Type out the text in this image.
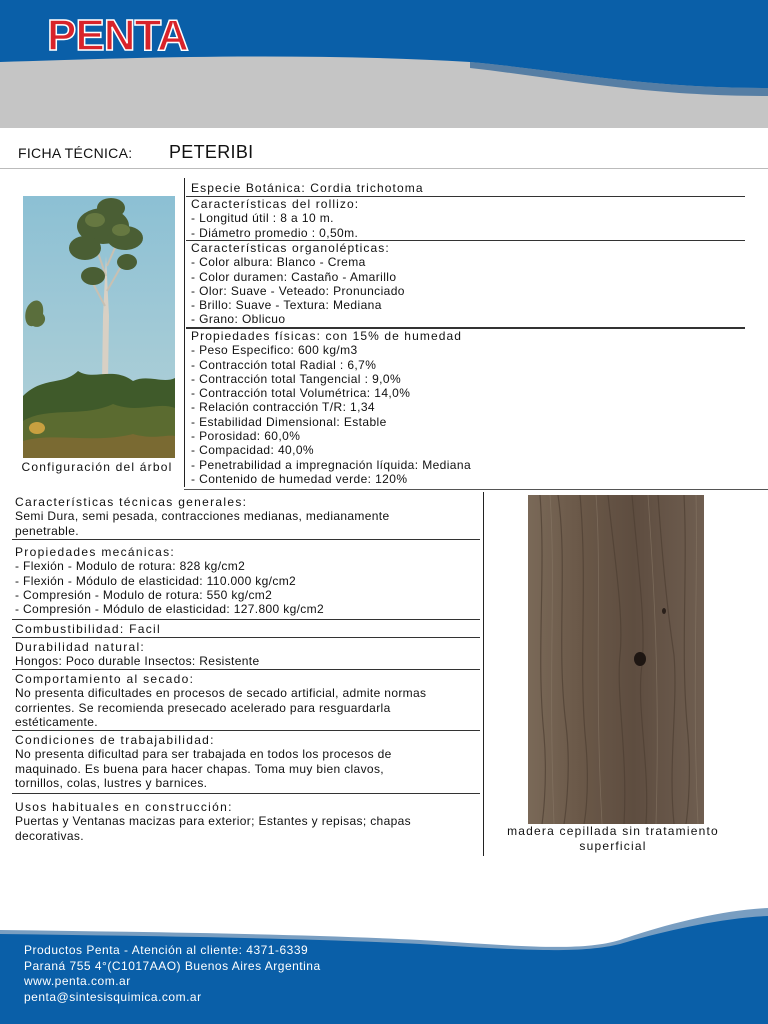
PENTA
FICHA TÉCNICA: PETERIBI
Configuración del árbol
Especie Botánica: Cordia trichotoma
Características del rollizo:
- Longitud útil : 8 a 10 m.
- Diámetro promedio : 0,50m.
Características organolépticas:
- Color albura: Blanco - Crema
- Color duramen: Castaño - Amarillo
- Olor: Suave - Veteado: Pronunciado
- Brillo: Suave - Textura: Mediana
- Grano: Oblicuo
Propiedades físicas: con 15% de humedad
- Peso Especifico: 600 kg/m3
- Contracción total Radial : 6,7%
- Contracción total Tangencial : 9,0%
- Contracción total Volumétrica: 14,0%
- Relación contracción T/R: 1,34
- Estabilidad Dimensional: Estable
- Porosidad: 60,0%
- Compacidad: 40,0%
- Penetrabilidad a impregnación líquida: Mediana
- Contenido de humedad verde: 120%
Características técnicas generales:
Semi Dura, semi pesada, contracciones medianas, medianamente
penetrable.
Propiedades mecánicas:
- Flexión - Modulo de rotura: 828 kg/cm2
- Flexión - Módulo de elasticidad: 110.000 kg/cm2
- Compresión - Modulo de rotura: 550 kg/cm2
- Compresión - Módulo de elasticidad: 127.800 kg/cm2
Combustibilidad: Facil
Durabilidad natural:
Hongos: Poco durable Insectos: Resistente
Comportamiento al secado:
No presenta dificultades en procesos de secado artificial, admite normas
corrientes. Se recomienda presecado acelerado para resguardarla
estéticamente.
Condiciones de trabajabilidad:
No presenta dificultad para ser trabajada en todos los procesos de
maquinado. Es buena para hacer chapas. Toma muy bien clavos,
tornillos, colas, lustres y barnices.
Usos habituales en construcción:
Puertas y Ventanas macizas para exterior; Estantes y repisas; chapas
decorativas.	madera cepillada sin tratamiento
superficial
Productos Penta - Atención al cliente: 4371-6339
Paraná 755 4°(C1017AAO) Buenos Aires Argentina
www.penta.com.ar
penta@sintesisquimica.com.ar
